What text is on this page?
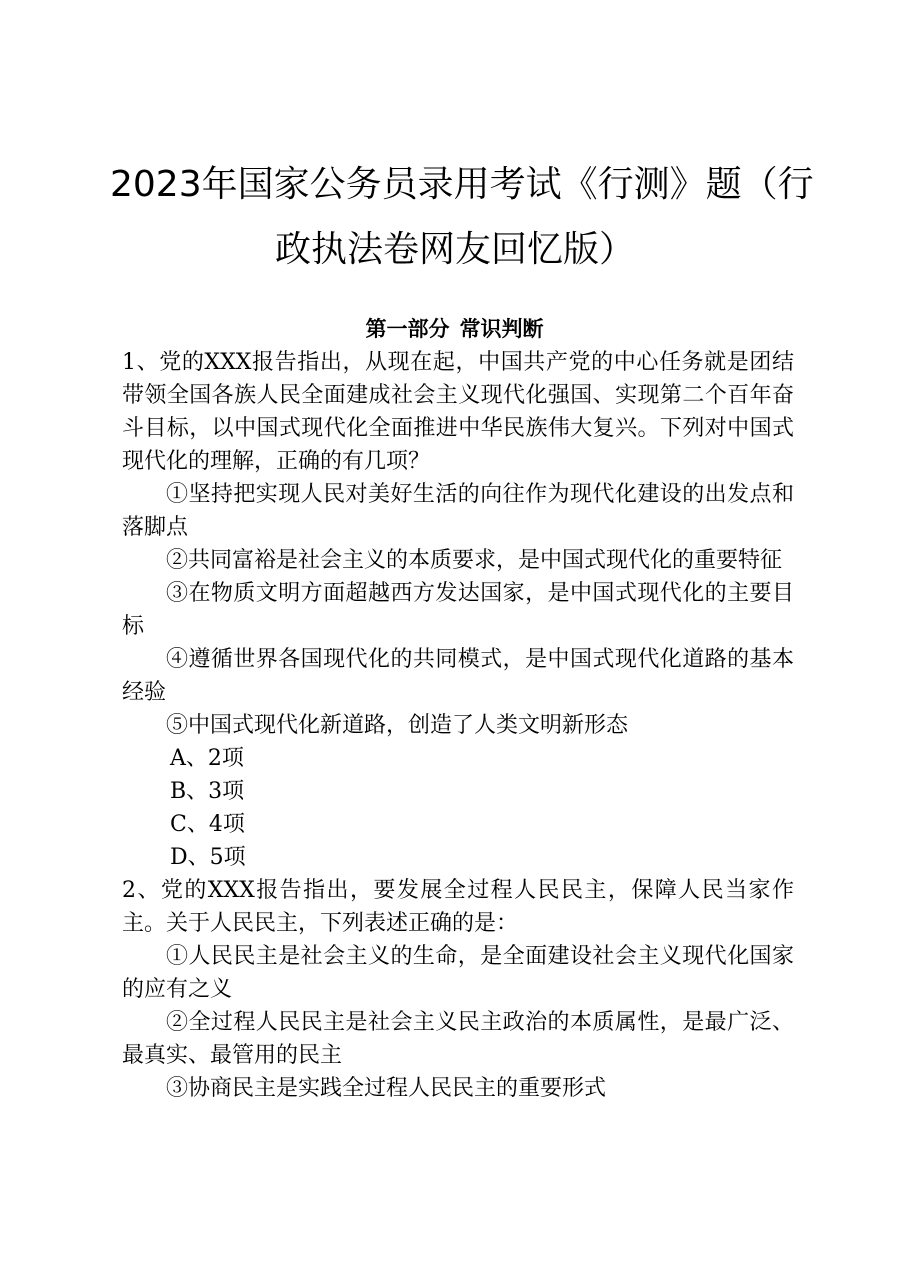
2023年国家公务员录用考试《行测》题（行
政执法卷网友回忆版）
第一部分 常识判断

1、党的XXX报告指出，从现在起，中国共产党的中心任务就是团结带领全国各族人民全面建成社会主义现代化强国、实现第二个百年奋斗目标，以中国式现代化全面推进中华民族伟大复兴。下列对中国式现代化的理解，正确的有几项？

①坚持把实现人民对美好生活的向往作为现代化建设的出发点和落脚点

②共同富裕是社会主义的本质要求，是中国式现代化的重要特征

③在物质文明方面超越西方发达国家，是中国式现代化的主要目标

④遵循世界各国现代化的共同模式，是中国式现代化道路的基本经验

⑤中国式现代化新道路，创造了人类文明新形态

A、2项

B、3项

C、4项

D、5项

2、党的XXX报告指出，要发展全过程人民民主，保障人民当家作主。关于人民民主，下列表述正确的是：

①人民民主是社会主义的生命，是全面建设社会主义现代化国家的应有之义

②全过程人民民主是社会主义民主政治的本质属性，是最广泛、最真实、最管用的民主

③协商民主是实践全过程人民民主的重要形式
